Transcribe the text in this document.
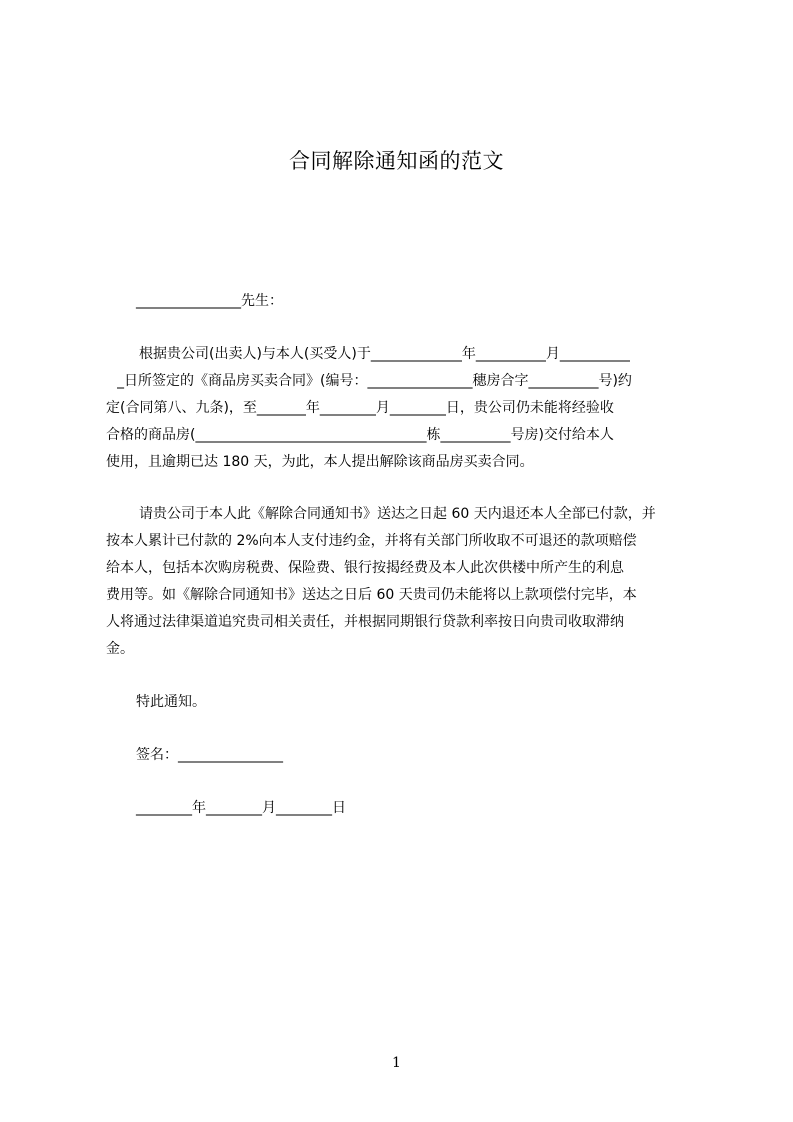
合同解除通知函的范文
_______________先生：
根据贵公司(出卖人)与本人(买受人)于_____________年__________月__________
_日所签定的《商品房买卖合同》(编号：_______________穗房合字__________号)约
定(合同第八、九条)，至_______年________月________日，贵公司仍未能将经验收
合格的商品房(_________________________________栋__________号房)交付给本人
使用，且逾期已达 180 天，为此，本人提出解除该商品房买卖合同。
请贵公司于本人此《解除合同通知书》送达之日起 60 天内退还本人全部已付款，并
按本人累计已付款的 2%向本人支付违约金，并将有关部门所收取不可退还的款项赔偿
给本人，包括本次购房税费、保险费、银行按揭经费及本人此次供楼中所产生的利息
费用等。如《解除合同通知书》送达之日后 60 天贵司仍未能将以上款项偿付完毕，本
人将通过法律渠道追究贵司相关责任，并根据同期银行贷款利率按日向贵司收取滞纳
金。
特此通知。
签名：_______________
________年________月________日
1
